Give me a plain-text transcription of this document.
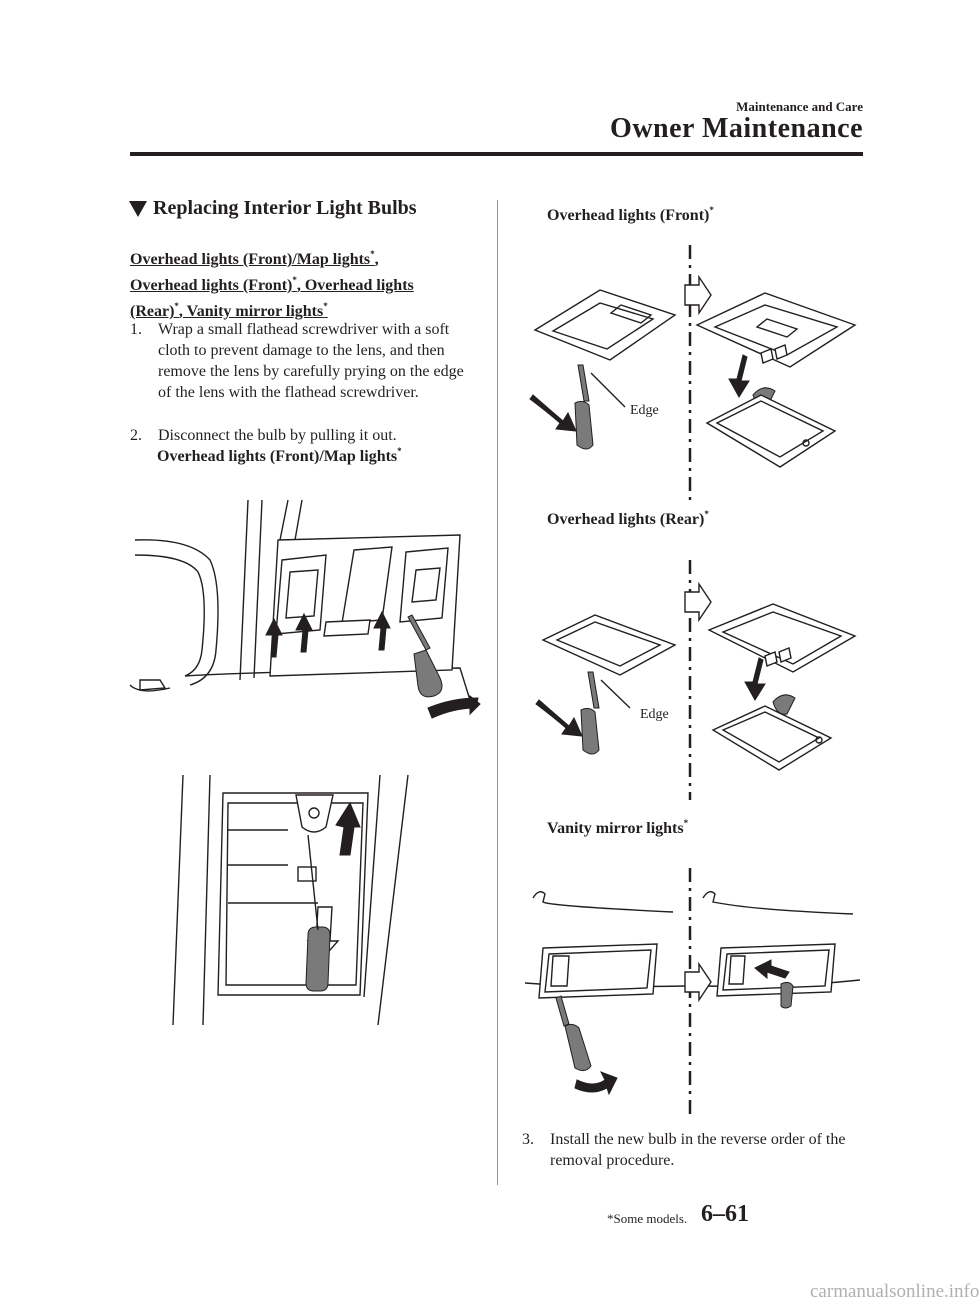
Maintenance and Care
Owner Maintenance
Replacing Interior Light Bulbs
Overhead lights (Front)/Map lights*, Overhead lights (Front)*, Overhead lights (Rear)*, Vanity mirror lights*
1.	Wrap a small flathead screwdriver with a soft cloth to prevent damage to the lens, and then remove the lens by carefully prying on the edge of the lens with the flathead screwdriver.
2.	Disconnect the bulb by pulling it out.
Overhead lights (Front)/Map lights*
Overhead lights (Front)*
Edge
Overhead lights (Rear)*
Edge
Vanity mirror lights*
3.	Install the new bulb in the reverse order of the removal procedure.
*Some models. 6–61
carmanualsonline.info
